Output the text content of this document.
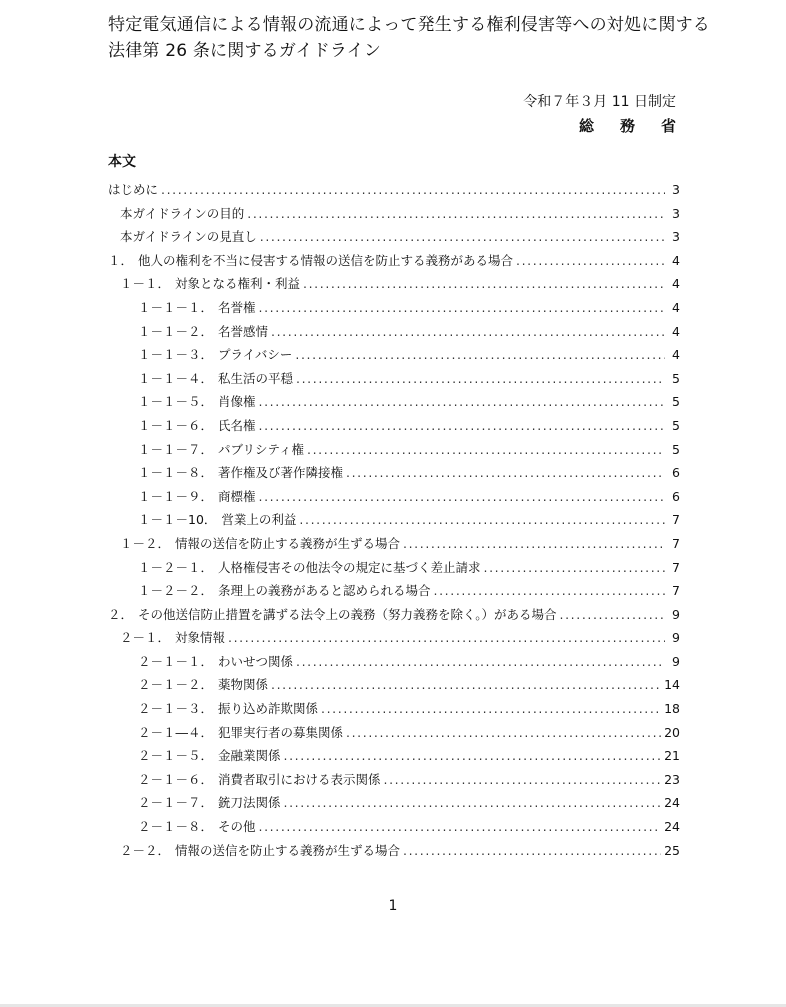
特定電気通信による情報の流通によって発生する権利侵害等への対処に関する
法律第 26 条に関するガイドライン
令和７年３月 11 日制定
総務省
本文
はじめに .....	3
本ガイドラインの目的 .....	3
本ガイドラインの見直し .....	3
１． 他人の権利を不当に侵害する情報の送信を防止する義務がある場合 .....	4
１－１． 対象となる権利・利益 .....	4
１－１－１． 名誉権 .....	4
１－１－２． 名誉感情 .....	4
１－１－３． プライバシー .....	4
１－１－４． 私生活の平穏 .....	5
１－１－５． 肖像権 .....	5
１－１－６． 氏名権 .....	5
１－１－７． パブリシティ権 .....	5
１－１－８． 著作権及び著作隣接権 .....	6
１－１－９． 商標権 .....	6
１－１－10． 営業上の利益 .....	7
１－２． 情報の送信を防止する義務が生ずる場合 .....	7
１－２－１． 人格権侵害その他法令の規定に基づく差止請求 .....	7
１－２－２． 条理上の義務があると認められる場合 .....	7
２． その他送信防止措置を講ずる法令上の義務（努力義務を除く。）がある場合 .....	9
２－１． 対象情報 .....	9
２－１－１． わいせつ関係 .....	9
２－１－２． 薬物関係 .....	14
２－１－３． 振り込め詐欺関係 .....	18
２－１―４． 犯罪実行者の募集関係 .....	20
２－１－５． 金融業関係 .....	21
２－１－６． 消費者取引における表示関係 .....	23
２－１－７． 銃刀法関係 .....	24
２－１－８． その他 .....	24
２－２． 情報の送信を防止する義務が生ずる場合 .....	25
1
